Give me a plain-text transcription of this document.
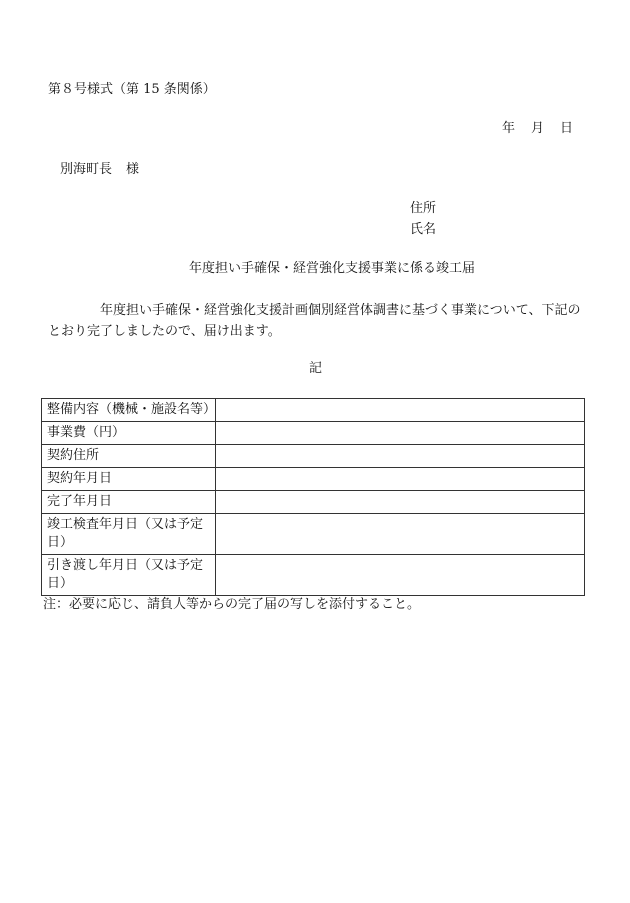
第８号様式（第 15 条関係）
年 月 日
別海町長 様
住所
氏名
年度担い手確保・経営強化支援事業に係る竣工届
年度担い手確保・経営強化支援計画個別経営体調書に基づく事業について、下記のとおり完了しましたので、届け出ます。
記
整備内容（機械・施設名等）	
事業費（円）	
契約住所	
契約年月日	
完了年月日	
竣工検査年月日（又は予定日）	
引き渡し年月日（又は予定日）	
注：必要に応じ、請負人等からの完了届の写しを添付すること。
